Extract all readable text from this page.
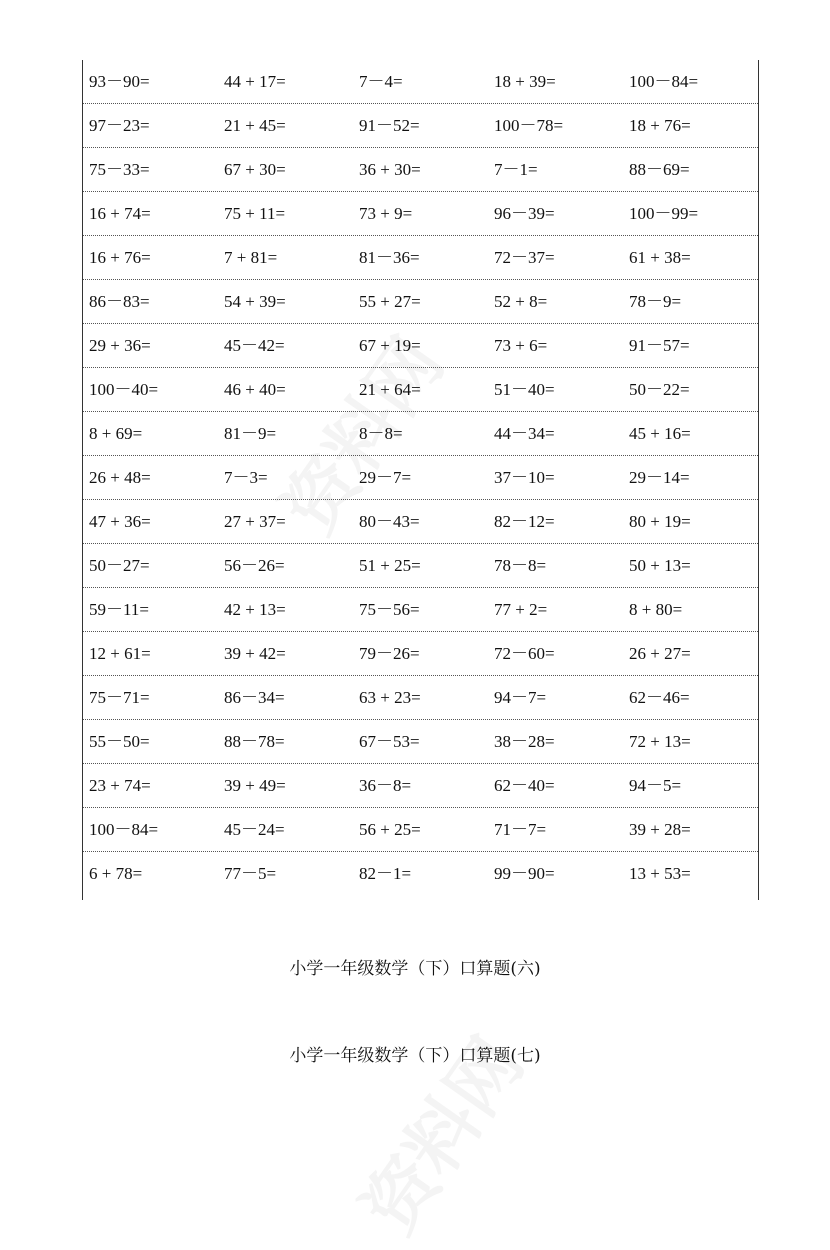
93－90=	44 + 17=	7－4=	18 + 39=	100－84=
97－23=	21 + 45=	91－52=	100－78=	18 + 76=
75－33=	67 + 30=	36 + 30=	7－1=	88－69=
16 + 74=	75 + 11=	73 + 9=	96－39=	100－99=
16 + 76=	7 + 81=	81－36=	72－37=	61 + 38=
86－83=	54 + 39=	55 + 27=	52 + 8=	78－9=
29 + 36=	45－42=	67 + 19=	73 + 6=	91－57=
100－40=	46 + 40=	21 + 64=	51－40=	50－22=
8 + 69=	81－9=	8－8=	44－34=	45 + 16=
26 + 48=	7－3=	29－7=	37－10=	29－14=
47 + 36=	27 + 37=	80－43=	82－12=	80 + 19=
50－27=	56－26=	51 + 25=	78－8=	50 + 13=
59－11=	42 + 13=	75－56=	77 + 2=	8 + 80=
12 + 61=	39 + 42=	79－26=	72－60=	26 + 27=
75－71=	86－34=	63 + 23=	94－7=	62－46=
55－50=	88－78=	67－53=	38－28=	72 + 13=
23 + 74=	39 + 49=	36－8=	62－40=	94－5=
100－84=	45－24=	56 + 25=	71－7=	39 + 28=
6 + 78=	77－5=	82－1=	99－90=	13 + 53=
小学一年级数学（下）口算题(六)
小学一年级数学（下）口算题(七)
